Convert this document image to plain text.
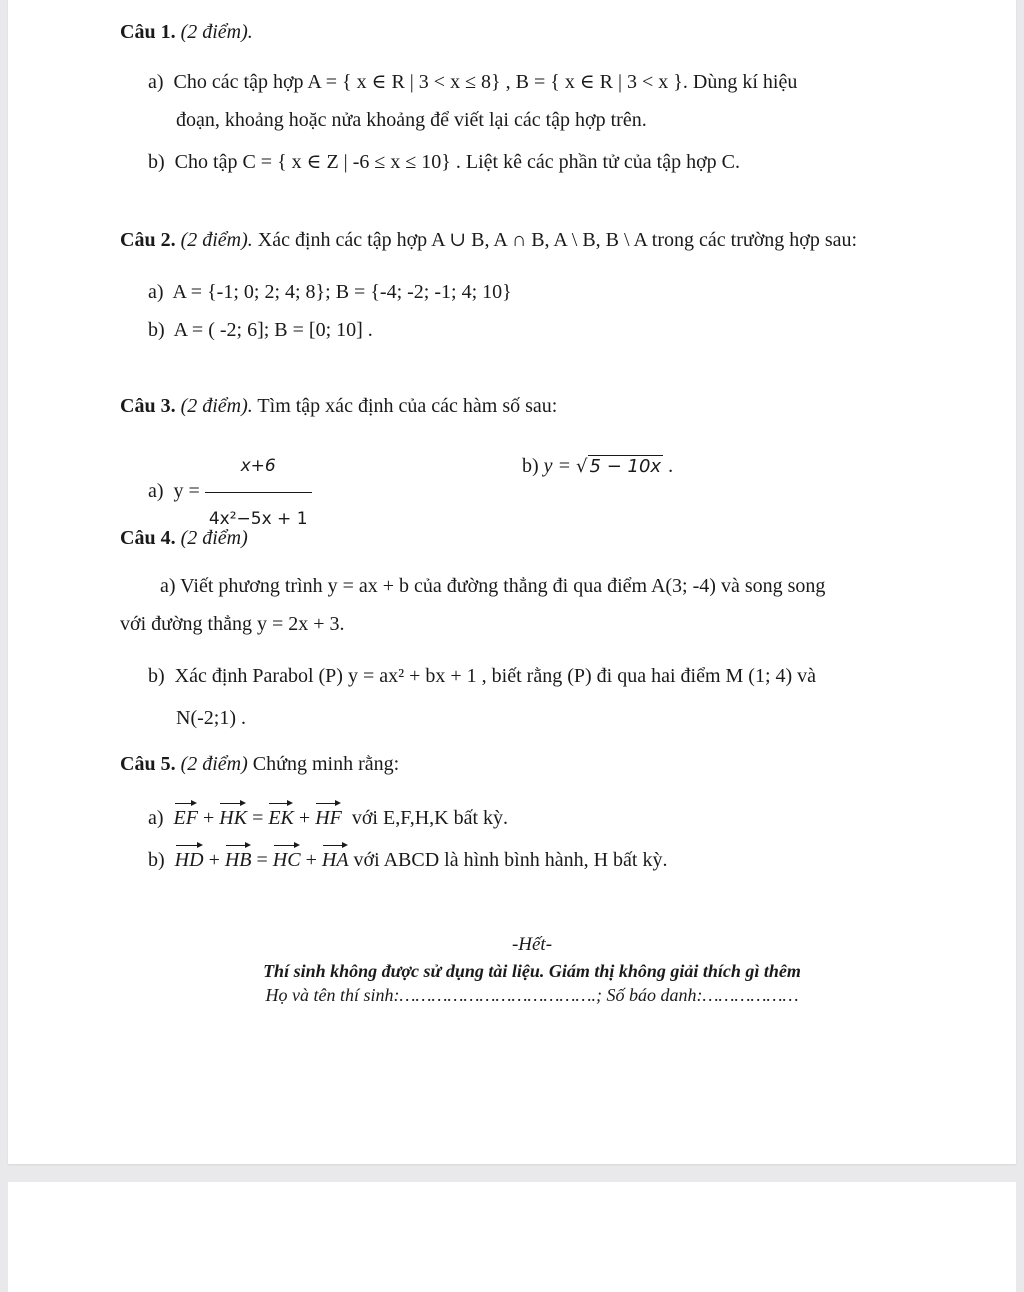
Câu 1. (2 điểm).
a) Cho các tập hợp A = { x ∈ R | 3 < x ≤ 8} , B = { x ∈ R | 3 < x }. Dùng kí hiệu
đoạn, khoảng hoặc nửa khoảng để viết lại các tập hợp trên.
b) Cho tập C = { x ∈ Z | -6 ≤ x ≤ 10} . Liệt kê các phần tử của tập hợp C.
Câu 2. (2 điểm). Xác định các tập hợp A ∪ B, A ∩ B, A \ B, B \ A trong các trường hợp sau:
a) A = {-1; 0; 2; 4; 8}; B = {-4; -2; -1; 4; 10}
b) A = ( -2; 6]; B = [0; 10] .
Câu 3. (2 điểm). Tìm tập xác định của các hàm số sau:
a) $y = \frac{x+6}{\text{4x²−5x + 1}}$	b) y = √ 5 − 10x .
Câu 4. (2 điểm)
a) Viết phương trình y = ax + b của đường thẳng đi qua điểm A(3; -4) và song song
với đường thẳng y = 2x + 3.
b) Xác định Parabol (P) y = ax² + bx + 1 , biết rằng (P) đi qua hai điểm M (1; 4) và
N(-2;1) .
Câu 5. (2 điểm) Chứng minh rằng:
a) EF + HK = EK + HF với E,F,H,K bất kỳ.
b) HD + HB = HC + HA với ABCD là hình bình hành, H bất kỳ.
-Hết-
Thí sinh không được sử dụng tài liệu. Giám thị không giải thích gì thêm
Họ và tên thí sinh:……………………………….; Số báo danh:………………
